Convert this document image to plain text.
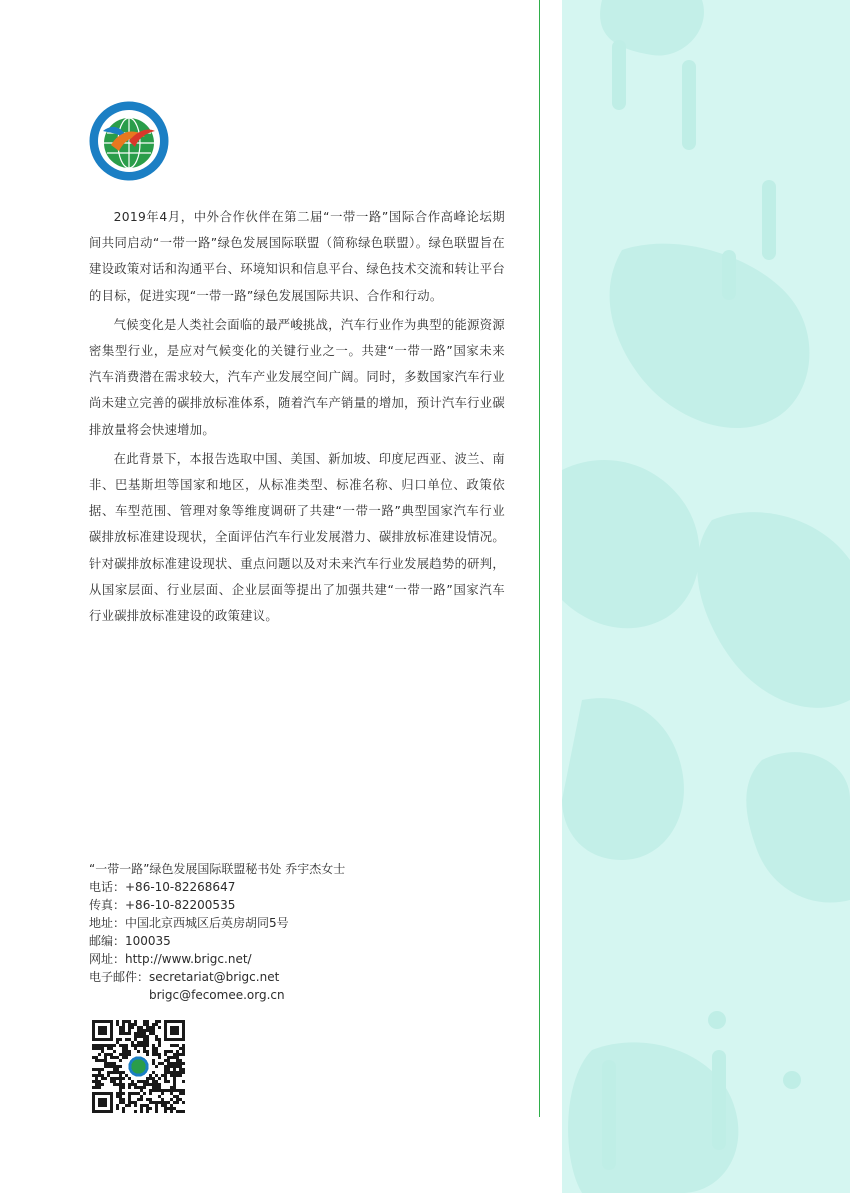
2019年4月，中外合作伙伴在第二届“一带一路”国际合作高峰论坛期间共同启动“一带一路”绿色发展国际联盟（简称绿色联盟）。绿色联盟旨在建设政策对话和沟通平台、环境知识和信息平台、绿色技术交流和转让平台的目标，促进实现“一带一路”绿色发展国际共识、合作和行动。

气候变化是人类社会面临的最严峻挑战，汽车行业作为典型的能源资源密集型行业，是应对气候变化的关键行业之一。共建“一带一路”国家未来汽车消费潜在需求较大，汽车产业发展空间广阔。同时，多数国家汽车行业尚未建立完善的碳排放标准体系，随着汽车产销量的增加，预计汽车行业碳排放量将会快速增加。

在此背景下，本报告选取中国、美国、新加坡、印度尼西亚、波兰、南非、巴基斯坦等国家和地区，从标准类型、标准名称、归口单位、政策依据、车型范围、管理对象等维度调研了共建“一带一路”典型国家汽车行业碳排放标准建设现状，全面评估汽车行业发展潜力、碳排放标准建设情况。针对碳排放标准建设现状、重点问题以及对未来汽车行业发展趋势的研判，从国家层面、行业层面、企业层面等提出了加强共建“一带一路”国家汽车行业碳排放标准建设的政策建议。

“一带一路”绿色发展国际联盟秘书处 乔宇杰女士
电话：+86-10-82268647
传真：+86-10-82200535
地址：中国北京西城区后英房胡同5号
邮编：100035
网址：http://www.brigc.net/
电子邮件：secretariat@brigc.net
brigc@fecomee.org.cn
